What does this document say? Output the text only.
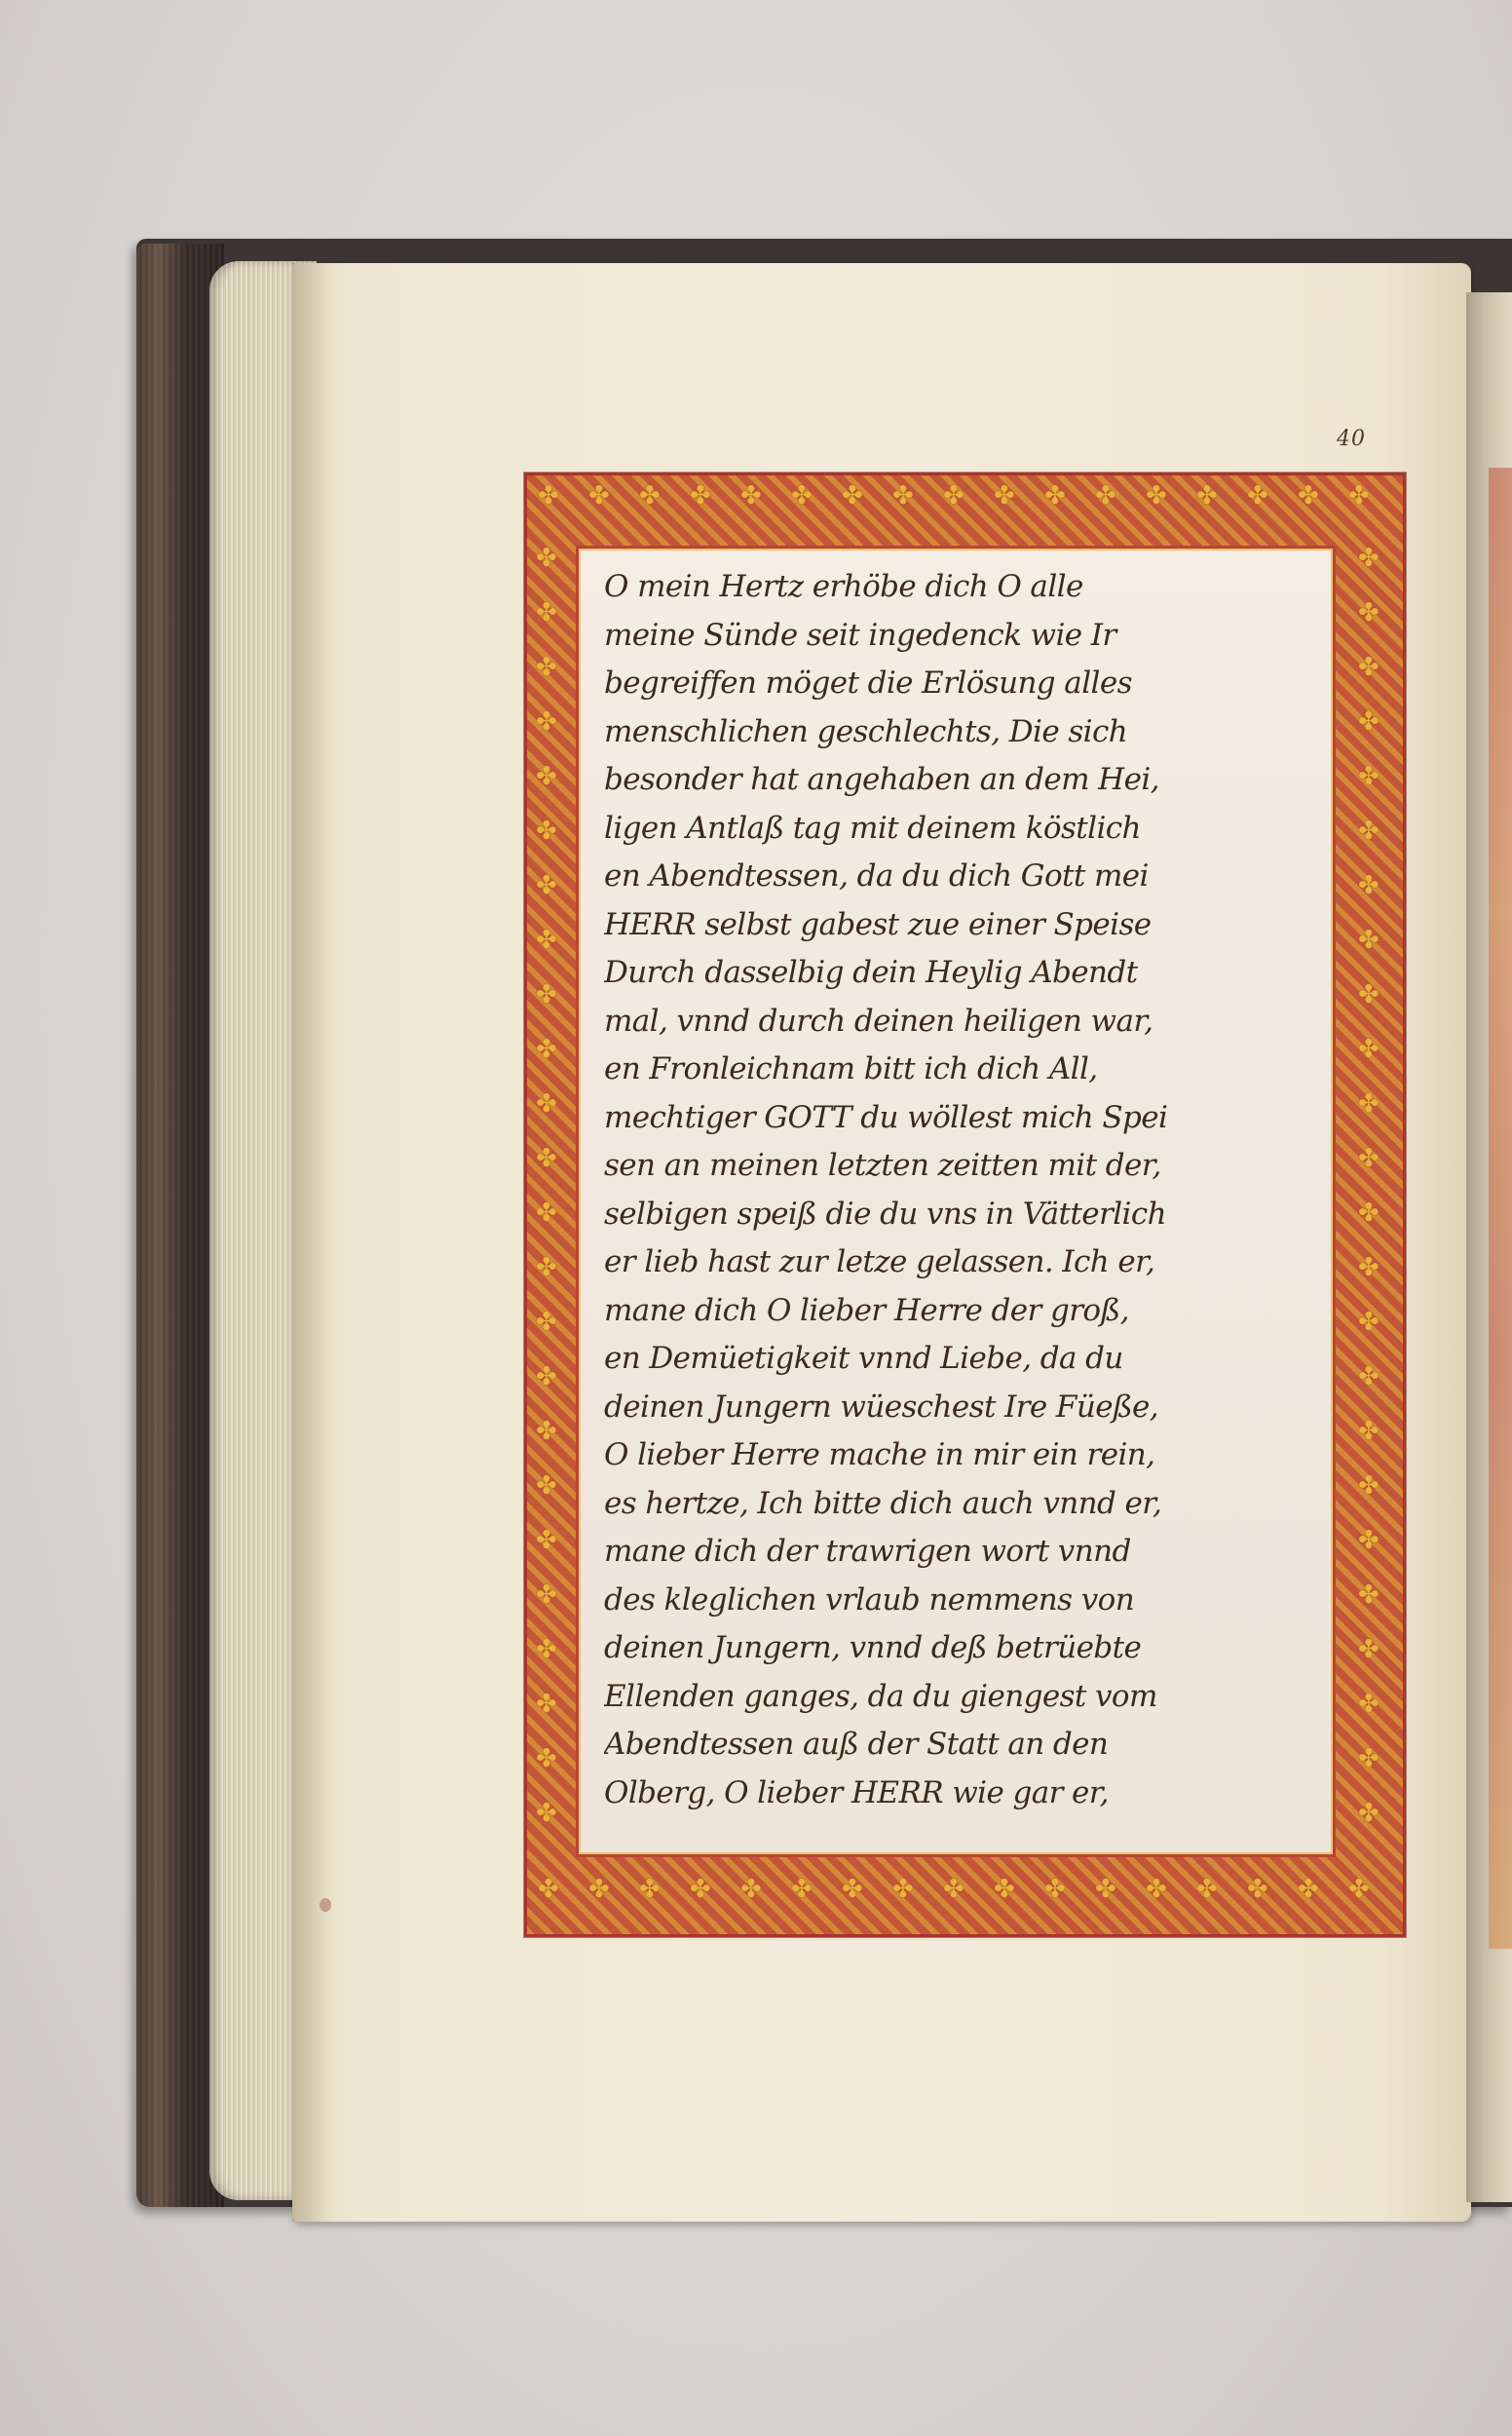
40
✤ ✤ ✤ ✤ ✤ ✤ ✤ ✤ ✤ ✤ ✤ ✤ ✤ ✤ ✤ ✤ ✤
✤ ✤ ✤ ✤ ✤ ✤ ✤ ✤ ✤ ✤ ✤ ✤ ✤ ✤ ✤ ✤ ✤
✤
✤
✤
✤
✤
✤
✤
✤
✤
✤
✤
✤
✤
✤
✤
✤
✤
✤
✤
✤
✤
✤
✤
✤
✤
✤
✤
✤
✤
✤
✤
✤
✤
✤
✤
✤
✤
✤
✤
✤
✤
✤
✤
✤
✤
✤
✤
✤
O mein Hertz erhöbe dich O alle
meine Sünde seit ingedenck wie Ir
begreiffen möget die Erlösung alles
menschlichen geschlechts, Die sich
besonder hat angehaben an dem Hei,
ligen Antlaß tag mit deinem köstlich
en Abendtessen, da du dich Gott mei
HERR selbst gabest zue einer Speise
Durch dasselbig dein Heylig Abendt
mal, vnnd durch deinen heiligen war,
en Fronleichnam bitt ich dich All,
mechtiger GOTT du wöllest mich Spei
sen an meinen letzten zeitten mit der,
selbigen speiß die du vns in Vätterlich
er lieb hast zur letze gelassen. Ich er,
mane dich O lieber Herre der groß,
en Demüetigkeit vnnd Liebe, da du
deinen Jungern wüeschest Ire Füeße,
O lieber Herre mache in mir ein rein,
es hertze, Ich bitte dich auch vnnd er,
mane dich der trawrigen wort vnnd
des kleglichen vrlaub nemmens von
deinen Jungern, vnnd deß betrüebte
Ellenden ganges, da du giengest vom
Abendtessen auß der Statt an den
Olberg, O lieber HERR wie gar er,
